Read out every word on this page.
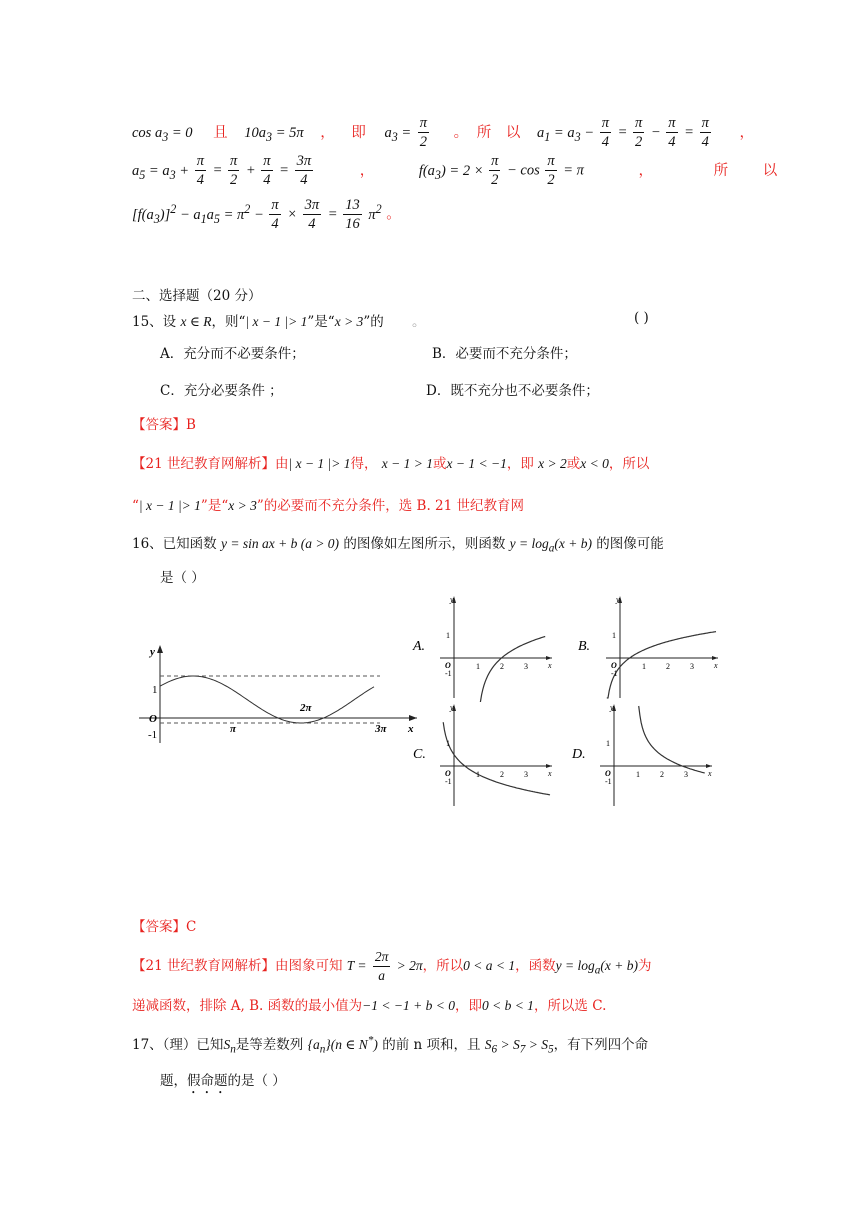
$\cos a_3 = 0$ 且 $10a_3 = 5\pi$ ， 即 $a_3 = \frac{\pi}{2}$ 。 所 以 $a_1 = a_3 - \frac{\pi}{4} = \frac{\pi}{2} - \frac{\pi}{4} = \frac{\pi}{4}$ ，
$a_5 = a_3 + \frac{\pi}{4} = \frac{\pi}{2} + \frac{\pi}{4} = \frac{3\pi}{4}$	，	$f(a_3) = 2 \times \frac{\pi}{2} - \cos \frac{\pi}{2} = \pi$	，	所 以
$[f(a_3)]^2 - a_1a_5 = \pi^2 - \frac{\pi}{4} \times \frac{3\pi}{4} = \frac{13}{16} \pi^2$ 。
二、选择题（20 分）
15、设 x ∈ R，则“| x − 1 |> 1”是“x > 3”的 。	( )
A．充分而不必要条件；	B．必要而不充分条件；
C．充分必要条件 ；	D．既不充分也不必要条件；
【答案】B
【21 世纪教育网解析】由| x − 1 |> 1得， x − 1 > 1或x − 1 < −1，即 x > 2或x < 0，所以
“| x − 1 |> 1”是“x > 3”的必要而不充分条件，选 B. 21 世纪教育网
16、已知函数 y = sin ax + b (a > 0) 的图像如左图所示，则函数 $y = \log_a(x + b)$ 的图像可能
是（ ）
y
x
O
1
-1	π
2π
3π
A.
y
x
O
1
-1
1	2	3
B.
y
x
O
1
-1
1	2	3
C.
y
x
O
1
-1
1	2	3
D.
y
x
O
1
-1
1	2	3
【答案】C
【21 世纪教育网解析】由图象可知 $T = \frac{2\pi}{a} > 2\pi$，所以0 < a < 1，函数$y = \log_a(x + b)$为
递减函数，排除 A, B. 函数的最小值为−1 < −1 + b < 0，即0 < b < 1，所以选 C.
17、（理）已知$S_n$是等差数列 $\{a_n\}(n$ ∈ N*) 的前 n 项和，且 $S_6 > S_7 > S_5$，有下列四个命
题，假命题的是（ ）
